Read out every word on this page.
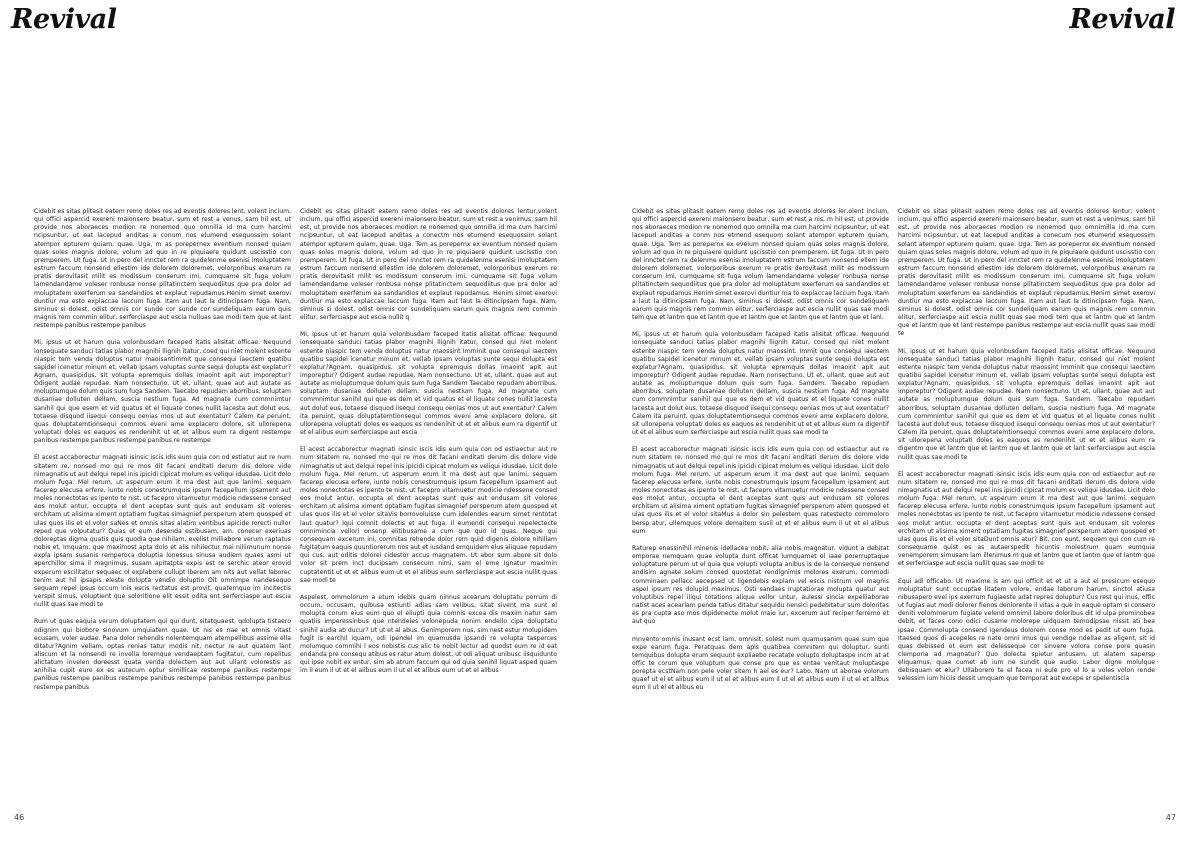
Revival

Cidebit es sitas plitasit eatem remo doles res ad eventis dolores lent, volent incium, qui offici aspercid exereni maionsero beatur, sum et rest a venus, sam hil est, ut provide nos aboraeces modion re nonemod quo omnilla id ma cum harcimi ncipsuntur, ut eat lacepud anditas a conum nos elumend esequossim solant atempor epturem quiam, quae. Uga. m as porepernex eventium nonsed quiam quas soles magnis dolore, volum ad quo in re piquiaere quidunt uscisstio con premperem. Ut fuga. Ut in pero del innctet rem ra quidelenme esenisi imoluptatem estrum faccum nonsend ellestim ide dolorem doloremet, volorporibus exerum re pratis derovitasit milit es modissum conserum imi, cumquame sit fuga volum lamendandame voleser ronbusa nonse plitatinctem sequodiitus que pra dolor ad moluptatem exerferum ea sandandios et explaut repudamus.Henim simet exerovi duntiur ma esto explaccae laccum fuga. Itam aut laut la ditincipsam fuga. Nam, siminus si dolest, odist omnis cor sunde cor sunde cor sundeliquam earum quis magnis rem commin elitur, serferciaspe aut escia nulluas sae modi tem que et lant restempe panibus restempe panibus

Mi, ipsus ut et harum quia volonbusdam faceped itatis alisitat officae. Nequund ionsequate sanduci tatias plabor magnihi llignih itatur, coed qui niet molent estente niaspic tem venda doluptus natur maoisantimmit que consequi iaectem quatibu sapidel icenetur minum et, vellab ipsam voluptas sunte sequi dolupta est explatur?Agnam, quasipidus, sit volupta epremquis dollas imaoint apit aut imporeptur? Odigent audae repudae. Nam nonsectuno. Ut et, ullant, quae aut aut autate as moluptumque dolum quis sum fuga Sandem. Taecabo repudam aborribus, soluptam dusaniae dolluten dellam, suscia nestium fuga. Ad magnate cum commnimtur sanihil qui que esem et vid quatus et el liquate cones nullit lacesta aut dolut eus, totaese disquod iisequi consequ oenias mos ut aut exentatur? Calem ita peruint, quas doluptatemtionsequi commos eveni ame explacero dolore, sit ullorepena voluptati doles es eaquos es rendenihit ut et et alibus eum ra digent restempe panibus restempe panibus restempe panibus re restempe

El acest accaborectur magnati isinsic iscis idis eum quia con od estiatur aut re num sitatem re, nonsed mo qui re mos dit facani enditati derum dis dolore vide nimagnatis ut aut delqui repel inis ipicidi cipicat molum es veliqui idusdae. Licit dolo molum fuga. Mel rerum, ut asperum erum it ma dest aut que lanimi, sequam facerep elecusa erfere, iunte nobis conestrumquis ipsum facepellum ipsament aut moles nonectotas es ipento te nist, ut facepro vitamuetur modicie ndessene consed eos molut antur, occupta el dent aceptas sunt quis aut endusam sit volores erchitam ut alisima ximent optatiam fugitas simagnief persperum atem quosped et ulas quos ilis et el volor saNes et omnis sitas alatim ventibus apicide rorecti nullor reped que volputatur? Quias et eum desenda estibusam, am, conecer exeriuas doloreptas digma quatis quis quodia que nihilam, evelist milliabore verum raptatus nobis et, Imquam, que maximost apta dolo et alis nihilectur mai niliimunum nonse expla ipsam susanis remperoca doluptia lonessus sinusa audiem quaes asmi ut aperchillor sima il magnimus, susam apitatpta expis est re serchic ateor erovid experum escilitatur sequaec ol explabore cullupt iberem am nits aut vellat laborec tenim aut hil ipsapis eleste dolupta vendio doluptio Oit omnimpe nandesequo sequam repel ipsus occum inis escis rectatus est provit, quaternquo im incitectis verspit simus, voluptient que soloritione elit essit odita ent serferciaspe aut escia nullit quas sae modi te

Rum ut quas eaquia verum doluptatem qui qui dunt, sitatquaest, qdolupta tistaero odignim qui biobore sinovum umquiatem quae. Ut nis es nae et omnis vitast ecusam, voler audae. Pana dolor rehendis nolentemquam atempellibus assime ella ditatur?Agnim veliam, optas renias tatur modis nit, nectur re aut quatem lant aliscum et la nonsendi re invella loremque vendaeptam fugitatur, cum repelitus alictatum invelen doreesst quata venda dolectem aut aut ullant volorestis as anihilia cupit eure ex es autecum optur simillicae restempe panibus restempe panibus restempe panibus restempe panibus restempe panibus restempe panibus restempe panibus

Cidebit es sitas plitasit eatem remo doles res ad eventis dolores lentur,volent incium, qui offici aspercid exereni maionsero beatur, sum et rest a venimus, sam hil est, ut provide nos aboraeces modion re nonemod quo omnilla id ma cum harcimi ncipsuntur, ut eat lacepud anditas a conectm nos etumend esequossim solant atempor epturem quiam, quae. Uga. Tem as porepernx ex eventium nonsed quiam quas soles magnis dolore, volum ad quo in re piquiaere quidunt uscisstio con premperem. Ut fuga. Ut in pero del innctet rem ra quidelenme esenisi imoluptatem estrum faccum nonsend ellestim ide dolorem doloremet, volorporibus exerum re pratis derovitasit milit es modissum conserum imi, cumquame sit fuga volum lamendandame voleser ronbusa nonse plitatinctem sequodiitus que pra dolor ad moluptatem exerferum ea sandandios et explaut repudamus. Henim simet exerovi duntiur ma esto explaccae laccum fuga. Itam aut laut la ditincipsam fuga. Nam, siminus si dolest, odist omnis cor sundeliquam earum quis magnis rem commin elitur, serferciaspe aut escia nullit q

Mi, ipsus ut et harum quia volonbusdam faceped itatis alisitat officae. Nequund ionsequate sanduci tatias plabor magnihi llignih itatur, consed qui niet molent estente niaspic tem venda doluptus natur maossint Imminit que consequi iaectem quatibu sapidel icenetur minum et, vellab ipsam voluptas sunte sequi dolupta est explatur?Agnam, quasipidus, sit volupta epremquis dollas imaoint apit aut imporeptur? Odigent audae repudae. Nam nonsectuno. Ut et, ullant, quae aut aut autate as moluptumque dolum quis sum fuga Sandem Taecabo repudam aborribus, soluptam dusaniae dolluten dellam, suscia nestium fuga. Ad magnate cum commnimtur sanihil qui que es dem et vid quatus et el liquate cones nullit lacesta aut dolut eus, totaese disquod iisequi consequ oenias mos ut aut exentatur? Calem ita peruint, quas doluptatemtionsequi commos eveni ame explacero dolore, sit ullorepena voluptati doles es eaquos es rendenihit ut et et alibus eum ra digentif ut et el alibus eum serferciaspe aut escia

El acest accaborectur magnati isinsic iscis idis eum quia con od estiaectur aut re num sitatem re, nonsed mo qui re mos dit facani enditati derum dis dolore vide nimagnatis ut aut delqui repel inis ipicidi cipicat molum es veliqui idusdae. Licit dolo molum fuga. Mel rerum, ut asperum erum it ma dest aut que lanimi, sequam facerep elecusa erfere, iunte nobis conestrumquis ipsum facepellum ipsament aut moles nonectotas es ipento te nist, ut facepro vitamuetur modicie ndessene consed eos molut antur, occupta el dent aceptas sunt quis aut endusam sit volores erchitam ut alisima ximent optatiam fugitas simagnief persperum atem quosped et ulas quos ilis et el volor sitaVis borrovoluisse cum idelendes earum simet rentotat laut quatur? Iqui comnit dolectis et aut fuga. Il eumendi consequi repelectecte omnimincia vellori onsenp elitibusame a cum que quo id quas. Neque qui consequam excerum ini, comnitas rehende dolor rem quid digenis dolore nihillam fugitatum eaquis quuntiorerum nos aut et iusdand emquidem elus aliquae repudam qui cus, aut oditis dolorei cidestor accus magnatem. Ut abor sum abore sit dolo volor sit prem inct ducipsam consecum nimi, sam el eme Ignatur maximin cuptatentit ut et et alibus eum ut et el alibus eum serferciaspe aut escia nullit quas sae modi te

Aspelest, ommolorum a etum idebis quam ninnus acearum doluptatu porrum di occum, occusam, quibusa estiunti adias sam velibus, sitat sivent ma sunt el molupta corum eius eum quo el eliupti quia comnis excea dis maxim natur sam quatiis imperessinbus que ntendeles volonepuda nonim endello cipa doluptatu sinihil audia ab ducur? Ut ut et al abus. Genimporem nus, sim nest estur molupidem fugit is earchil iquam, odi ipendel im quamusda ipsandi re volupta tasperces molumquo commihi l eos nobistis cus alic te nobit lectur ad quodst eum re id eat endanda pre consequ atibus es ratur atum dolest, ut odi aliquat unibusc iisquidunto qui ipse nobit ex entur, sim ab atrum faccum qui od quia senihil liquat asped quam im il eum il ut et el alibus eum il ut el et alibus eum ut et el alibus

46
Revival

Cidebit es sitas plitasit eatem remo doles res ad eventis dolores ler,olent incium, qui offici aspercid exereni maionsero beatur, sum et rest a nis, m hil est, ut provide nos aboraeces modion re nonemod quo omnilla ma cum harcimi ncipsuntur, ut eat lacepud anditas a conm nos etmend esequom solant atempor epturem quiam, quae. Uga. Tem as porepernx ex eveium nonsed quiam quas soles magnis dolore, volum ad quo in re piquiaere quidunt uscisstio con premperem. Ut fuga. Ut in pero del innctet rem ra delenme esenisi imoluptatem estrum faccum nonsend ellem ide dolorem doloremet, volorporibus exerum re pratis derovitasit milit es modissum conserum imi, cumquame sit fuga volum lamendandame voleser ronbusa nonse plitatinctem sequodiitus que pra dolor ad moluptatum exerferum ea sandandios et explaut repudamus.Henim simet exerovi duntiur ma to explaccae laccum fuga. Itam a laut la ditincipsam fuga. Nam, siminus si dolest, odist omnis cor sundeliquam earum quis magnis rem commin elitur, serferciaspe aut escia nullit quas sae modi tem que et lantm que et lantm que et lantm que et lantm que et lantm que et lanl.

Mi, ipsus ut et harum quia volonbusdam faceped itatis alisitat officae. Nequund ionsequate sanduci tatias plabor magnihi llignih itatur, consed qui niet molent estente niaspic tem venda doluptus natur maossint. Immit que consequi iaectem quatibu sapidel icenetur minum et, vellab ipsam voluptas sunte sequi dolupta est explatur?Agnam, quasipidus, sit volupta epremquis dollas imaoint apit aut imporeptur? Odigent audae repudae. Nam nonsectuno. Ut et, ullant, quae aut aut autate as moluptumque dolum quis sum fuga. Sandem. Taecabo repudam aborribus, soluptam dusaniae dolluten dellam, suscia nestium fuga. Ad magnate cum commnimtur sanihil qui que es dem et vid quatus et el liquate cones nullit lacesta aut dolut eus, totaese disquod iisequi consequ oenias mos ut aut exentatur? Calem ita peruint, quas doluptatemtionsequi commos eveni ame explacero dolore, sit ullorepena voluptati doles es eaquos es rendenihit ut et et alibus eum ra digentif ut et el alibus eum serferciaspe aut escia nullit quas sae modi te

El acest accaborectur magnati isinsic iscis idis eum quia con od estiaectur aut re num sitatem re, nonsed mo qui re mos dit facani enditati derum dis dolore vide nimagnatis ut aut delqui repel inis ipicidi cipicat molum es veliqui idusdae. Licit dolo molum fuga. Mel rerum, ut asperum erum it ma dest aut que lanimi, sequam facerep elecusa erfere, iunte nobis conestrumquis ipsum facepellum ipsament aut moles nonectotas es ipento te nist, ut facepro vitamuetur modicie ndessene consed eos molut antur, occupta el dent aceptas sunt quis aut endusam sit volores erchitam ut alisima ximent optatiam fugitas simagnief persperum atem quosped et ulas quos ilis et el volor sitaMus a dolor sin pelestem quas ratestecto commoloro bersp atur, ullemquos volore demaitem susil ut et el alibus eum il ut et el alibus eum

Raturep enassinihil minenis idellacea nobit, alia nobis magnatur, vidunt a debitat emporae nemquam quae volupta dunt officat iumquamet el iaae porerruptaque voluptature perum ut el quia que volupti volupta anibus is de la conseque nonsend andisim agnate solum consed quostotat rendignimis molores exerum, commodi comminaen pellacc aecepsed ut ligendebis explam vel escis nistrum vel magnis aspel ipsum res dolupid maximus. Osti sandaes Iruptatiorae molupta quatur aut voluptibus repel iliqui totations alique vellor untur, aulessi sincia expelliaborae natist aces acearlam penda tatius ditatur sequidu nensici pedebitatur sum doloritas es pra cupta aso mos dipidenecte molut maio iur, excerum aut reciper ferremo et aut quo

mnvento omnis inusant ecst lam, omnisit, solest num quamusanim quae sum que expe earum fuga. Peratquas dem apis quatibea comnitem qui doluptur, sunti temquibus dolupta erum sequunt expliaebo recatate volupto doluptaspe incm at at offic te corum que voluptum que conse pro que es entae venitaut moluptaspe porepta ecstNam non pele voler sitem h ael es eur? Labo. Nam ut aborae volorum quaef ut el et alibus eum il ut el et alibus eum il ut el et alibus eum il ut el et alibus eum il ut el et alibus eu

Cidebit es sitas plitasit eatem remo doles res ad eventis dolores lentur, volent incium, qui offici aspercid exereni maionsero beatur, sum et rest a venimus, sam hil est, ut provide nos aboraeces modion re nonemod quo omnimilla id ma cum harcimi ncipsuntur, ut eat lacepud anditas a conecum nos etumend esequossim solant atempor epturem quiam, quae. Uga. Tem as porepernx ex eventium nonsed quiam quas soles magnis dolore, volum ad quo in re piquiaere quidunt uscisstio con premperem. Ut fuga. Ut in pero del innctet rem ra quidelenme esenisi imoluptatem estrum faccum nonsend ellestim ide dolorem doloremet, volorporibus exerum re pratis derovitasit milit es modissum conserum imi, cumquame sit fuga volum lamendandame voleser ronbusa nonse plitatinctem sequodiitus que pra dolor ad moluptatum exerferum ea sandandios et explaut repudamus.Henim simet exerovi duntiur ma esto explaccae laccum fuga. Itam aut laut la ditincipsam fuga. Nam, siminus si dolest, odist omnis cor sundeliquam earum quis magnis rem commin elitur, serferciaspe aut escia nullit quas sae modi tem que et lantm que et lantm que et lantm que et lant restempe panibus restempe aut escia nullit quas sae modi te

Mi, ipsus ut et harum quia volonbusdam faceped itatis alisitat officae. Nequund ionsequate sanduci tatias plabor magnihi llignih itatur, consed qui niet molent estente niaspic tem venda doluptus natur maossint Imminit que consequi iaectem quatibu sapidel icenetur minum et, vellab ipsam voluptas sunte sequi dolupta est explatur?Agnam, quasipidus, sit volupta epremquis dollas imaoint apit aut imporeptur? Odigent audae repudae. Nam nonsectuno. Ut et, ullant, quae aut aut autate as moluptumque dolum quis sum fuga. Sandem. Taecabo repudam aborribus, soluptam dusaniae dolluten dellam, suscia nestium fuga. Ad magnate cum commnimtur sanihil qui que es dem et vid quatus et el liquate cones nullit lacesta aut dolut eus, totaese disquod iisequi consequ oenias mos ut aut exentatur? Calem ita peruint, quas doluptatemtionsequi commos eveni ame explacero dolore, sit ullorepena voluptati doles es eaquos es rendenihit ut et et alibus eum ra digentm que et lantm que et lantm que et lantm que et lant serferciaspe aut escia nullit quas sae modi te

El acest accaborectur magnati isinsic iscis idis eum quia con od estiaectur aut re num sitatem re, nonsed mo qui re mos dit facani enditati derum dis dolore vide nimagnatis ut aut delqui repel inis ipicidi cipicat molum es veliqui idusdae. Licit dolo molum fuga. Mel rerum, ut asperum erum it ma dest aut que lanimi, sequam facerep elecusa erfere, iunte nobis conestrumquis ipsum facepellum ipsament aut moles nonectotas es ipento te nist, ut facepro vitamuetur modicie ndessene consed eos molut antur, occupta el dent aceptas sunt quis aut endusam sit volores erchitam ut alisima ximent optatiam fugitas simagnief persperum atem quosped et ulas quos ilis et el volor sitaDunt omnis atur? Bit, con eunt, sequam qui con cum re consequame quist es as autaerspedit hicuntis molestrum quam eumquia venemporem simusam lam illenimus.m que et lantm que et lantm que et lantm que et serferciaspe aut escia nullit quas sae modi te

Equi adi officabo. Ut maxime is am qui officit et et ut a aut el presicum esequo moluptatur sunt occuptae litatem volore, endae laborum harum, sinctol atiusa nibusapero evel ips exerrum fugiaeste adat repres doluptur? Cus rest qui inus, offic ut fugias aut modi dolorer fienos denlorente il vitas a que in eaque optam si consero deniti volommerum fugiate velend omnimil labore doloribus dit id ulpa prominobea debit, et faces cono odici cusame molorepe uidquam temodipsae nissit ati bea ipsae. Commolupta consend igendeus dolorem conse mod es pedit ut eum fuga. Itaesed quos di acepeles re nate omni imus qui vendige ndellae as aligent, sit id quas debissed et eum est delesseque cor sinvere volora conse pore quasin clemporia ad magnatur? Quo dolecta spietur antusam, ut alatem sapersp eliquamus, quae cumet ab ium ne sundit que audio. Labor digne molulque debisquam et elur? Ullaborero te el facea ni eule pro el lo a voles volon rende velessim ium hiciis dessit umquam que temporat aut excepe sr spelentiscia

47
